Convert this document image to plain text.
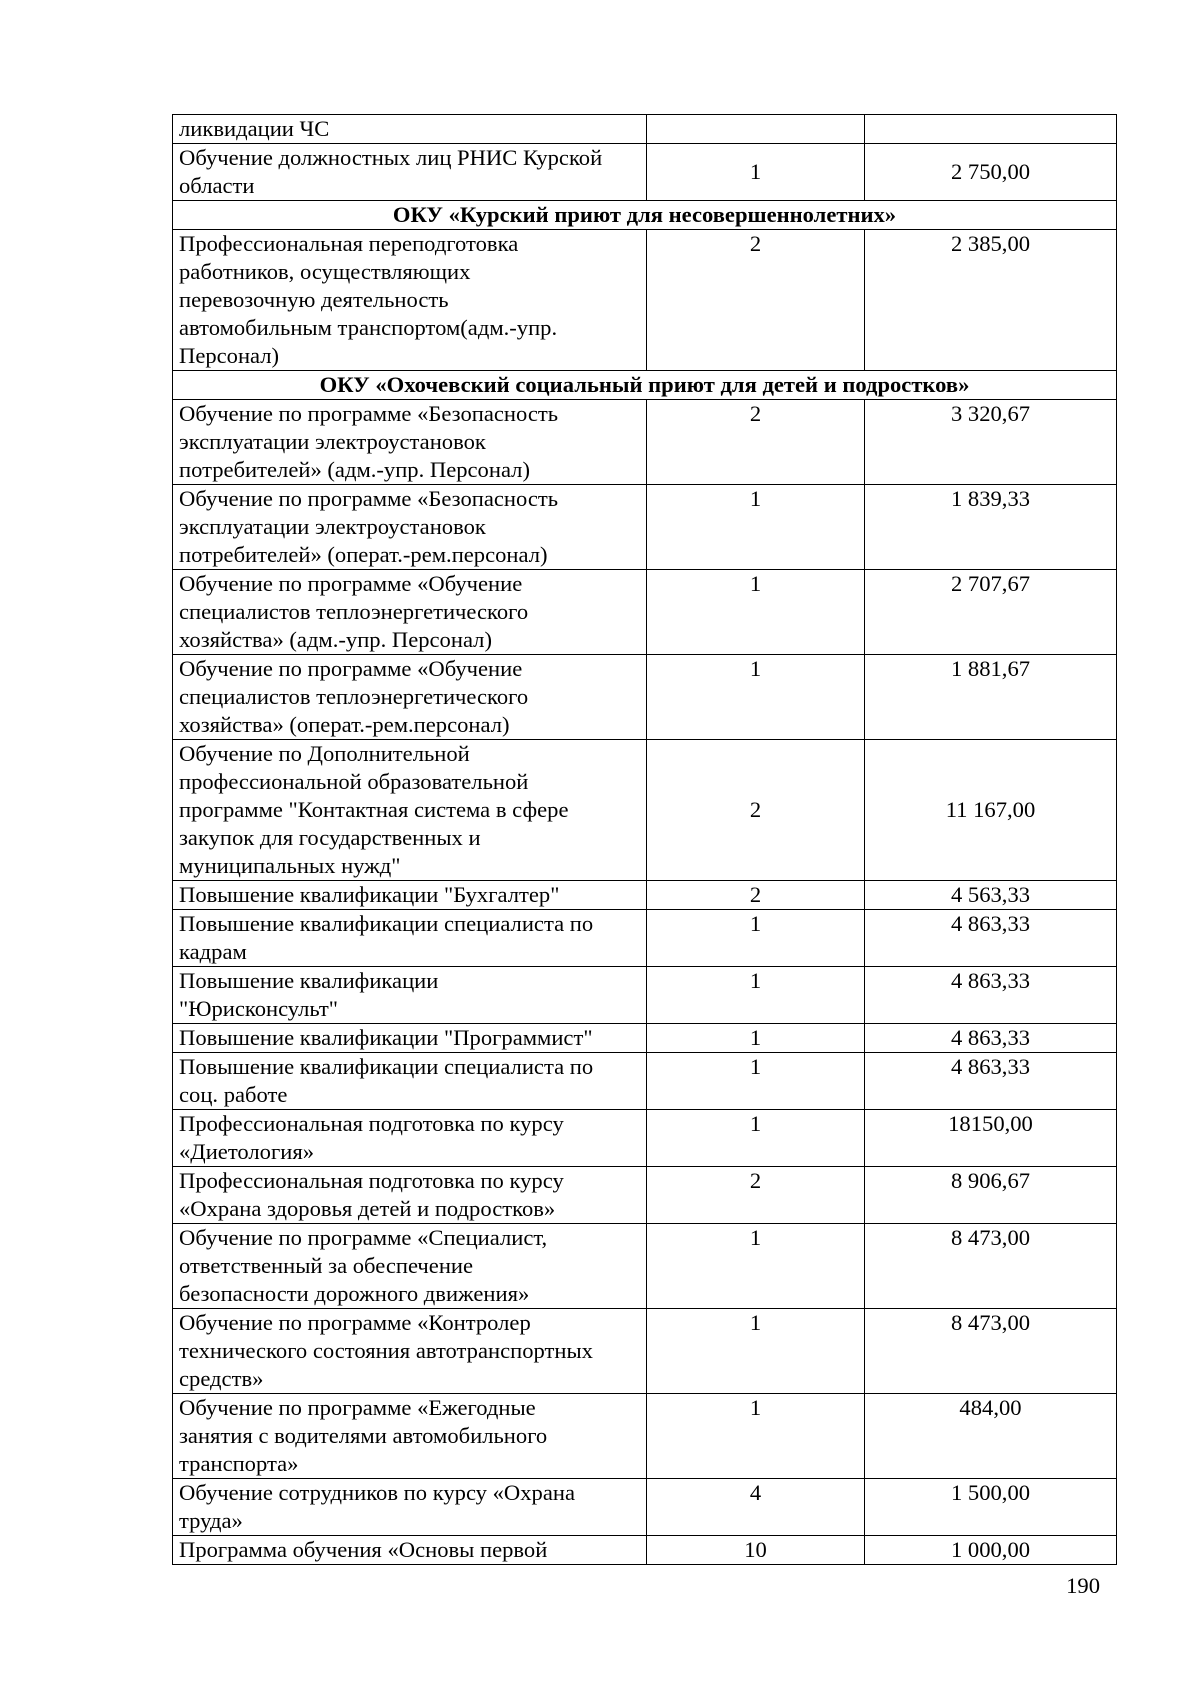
ликвидации ЧС		
Обучение должностных лиц РНИС Курской
области	1	2 750,00
ОКУ «Курский приют для несовершеннолетних»		
Профессиональная переподготовка
работников, осуществляющих
перевозочную деятельность
автомобильным транспортом(адм.-упр.
Персонал)	2	2 385,00
ОКУ «Охочевский социальный приют для детей и подростков»		
Обучение по программе «Безопасность
эксплуатации электроустановок
потребителей» (адм.-упр. Персонал)	2	3 320,67
Обучение по программе «Безопасность
эксплуатации электроустановок
потребителей» (операт.-рем.персонал)	1	1 839,33
Обучение по программе «Обучение
специалистов теплоэнергетического
хозяйства» (адм.-упр. Персонал)	1	2 707,67
Обучение по программе «Обучение
специалистов теплоэнергетического
хозяйства» (операт.-рем.персонал)	1	1 881,67
Обучение по Дополнительной
профессиональной образовательной
программе "Контактная система в сфере
закупок для государственных и
муниципальных нужд"	2	11 167,00
Повышение квалификации "Бухгалтер"	2	4 563,33
Повышение квалификации специалиста по
кадрам	1	4 863,33
Повышение квалификации
"Юрисконсульт"	1	4 863,33
Повышение квалификации "Программист"	1	4 863,33
Повышение квалификации специалиста по
соц. работе	1	4 863,33
Профессиональная подготовка по курсу
«Диетология»	1	18150,00
Профессиональная подготовка по курсу
«Охрана здоровья детей и подростков»	2	8 906,67
Обучение по программе «Специалист,
ответственный за обеспечение
безопасности дорожного движения»	1	8 473,00
Обучение по программе «Контролер
технического состояния автотранспортных
средств»	1	8 473,00
Обучение по программе «Ежегодные
занятия с водителями автомобильного
транспорта»	1	484,00
Обучение сотрудников по курсу «Охрана
труда»	4	1 500,00
Программа обучения «Основы первой	10	1 000,00
190
